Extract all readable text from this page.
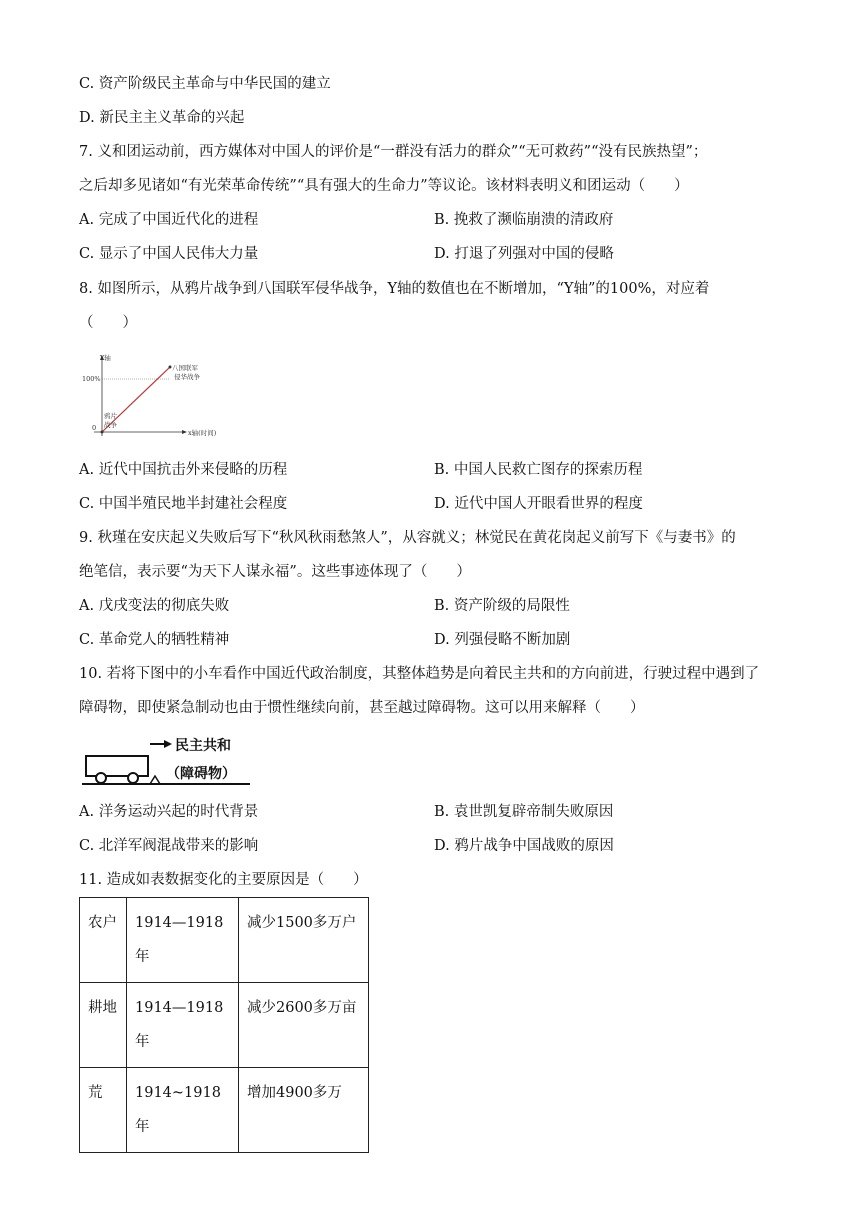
C. 资产阶级民主革命与中华民国的建立
D. 新民主主义革命的兴起
7. 义和团运动前，西方媒体对中国人的评价是“一群没有活力的群众”“无可救药”“没有民族热望”；
之后却多见诸如“有光荣革命传统”“具有强大的生命力”等议论。该材料表明义和团运动（　　）
A. 完成了中国近代化的进程	B. 挽救了濒临崩溃的清政府
C. 显示了中国人民伟大力量	D. 打退了列强对中国的侵略
8. 如图所示，从鸦片战争到八国联军侵华战争，Y轴的数值也在不断增加，“Y轴”的100%，对应着
（　　）
Y轴
x轴(时间)
100%
0
鸦片战争
八国联军侵华战争
A. 近代中国抗击外来侵略的历程	B. 中国人民救亡图存的探索历程
C. 中国半殖民地半封建社会程度	D. 近代中国人开眼看世界的程度
9. 秋瑾在安庆起义失败后写下“秋风秋雨愁煞人”，从容就义；林觉民在黄花岗起义前写下《与妻书》的
绝笔信，表示要“为天下人谋永福”。这些事迹体现了（　　）
A. 戊戌变法的彻底失败	B. 资产阶级的局限性
C. 革命党人的牺牲精神	D. 列强侵略不断加剧
10. 若将下图中的小车看作中国近代政治制度，其整体趋势是向着民主共和的方向前进，行驶过程中遇到了
障碍物，即使紧急制动也由于惯性继续向前，甚至越过障碍物。这可以用来解释（　　）
民主共和
（障碍物）
A. 洋务运动兴起的时代背景	B. 袁世凯复辟帝制失败原因
C. 北洋军阀混战带来的影响	D. 鸦片战争中国战败的原因
11. 造成如表数据变化的主要原因是（　　）
农户	1914—1918年	减少1500多万户
耕地	1914—1918年	减少2600多万亩
荒	1914~1918年	增加4900多万
